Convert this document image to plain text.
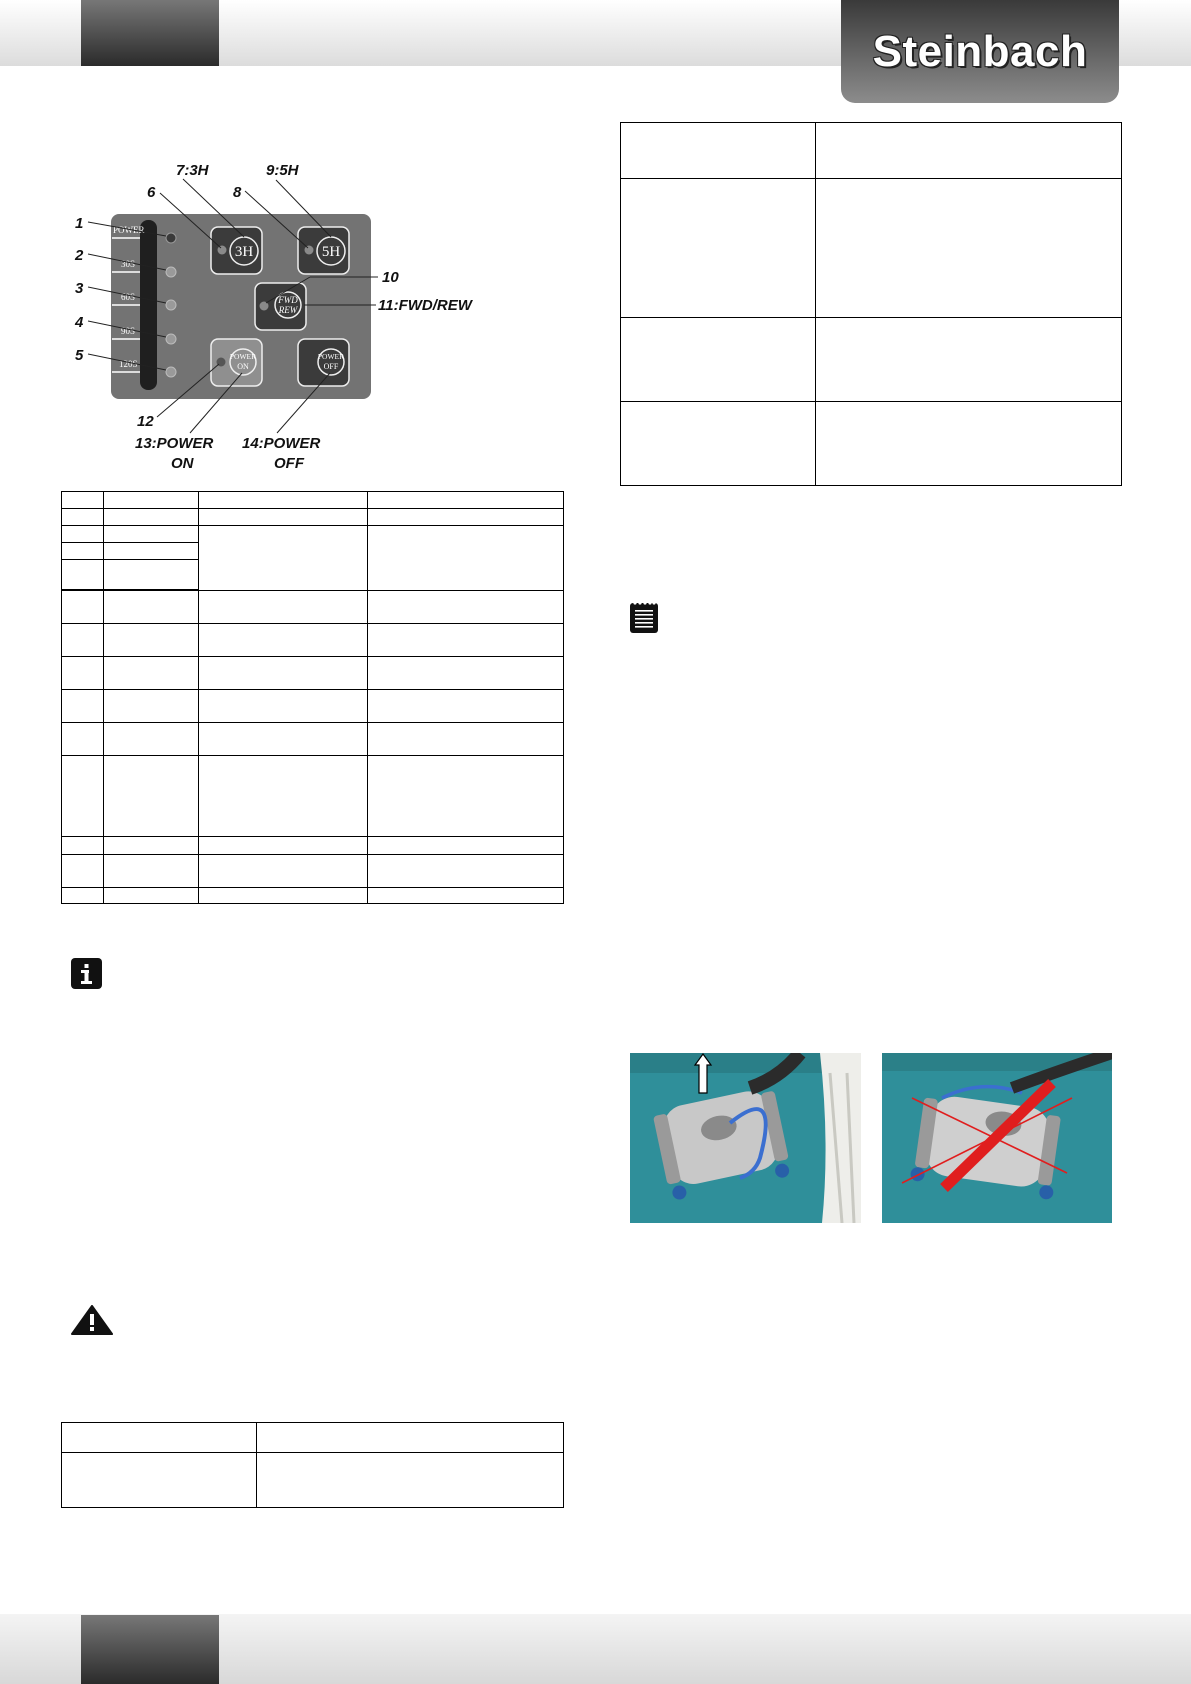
Steinbach
POWER
30S
60S
90S
120S
3H	5H
FWD
REW
POWER
ON
POWER
OFF
1
2
3
4
5
6
7:3H
8
9:5H
10
11:FWD/REW
12
13:POWER
ON
14:POWER
OFF
